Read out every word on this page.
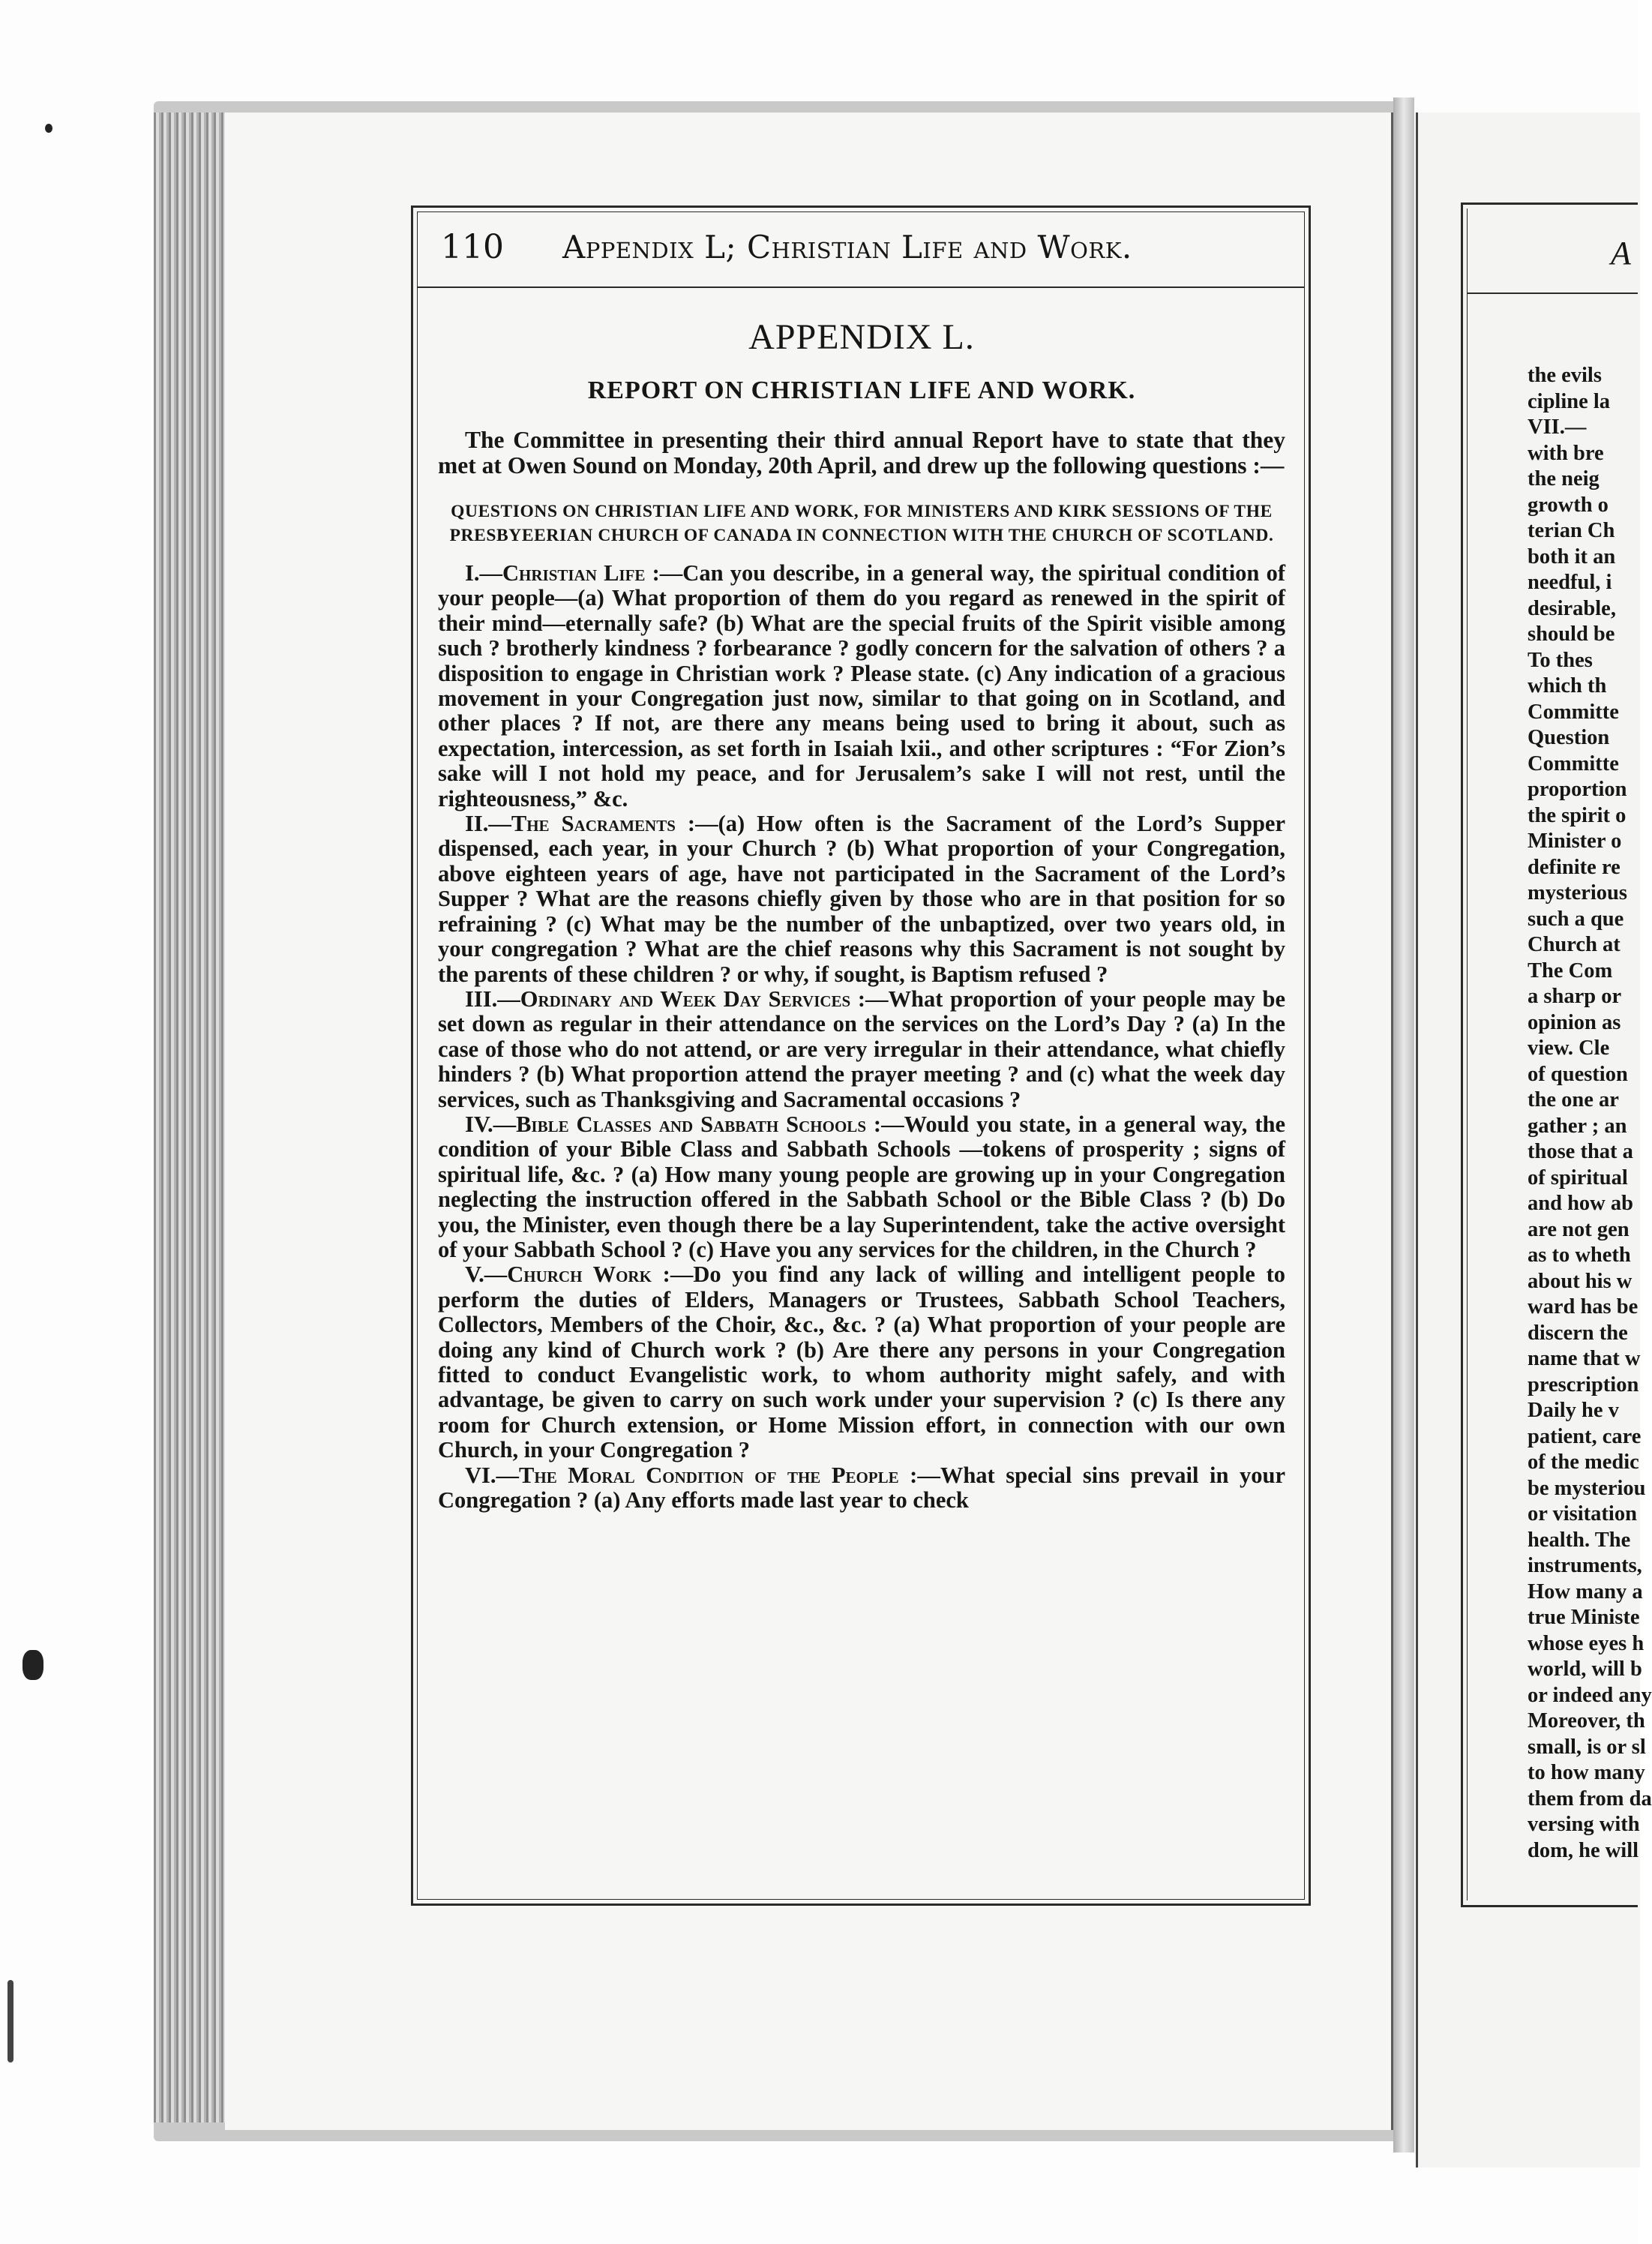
110 Appendix L; Christian Life and Work.
APPENDIX L.
REPORT ON CHRISTIAN LIFE AND WORK.

The Committee in presenting their third annual Report have to state that they met at Owen Sound on Monday, 20th April, and drew up the following questions :—

QUESTIONS ON CHRISTIAN LIFE AND WORK, FOR MINISTERS AND KIRK SESSIONS OF THE PRESBYEERIAN CHURCH OF CANADA IN CONNECTION WITH THE CHURCH OF SCOTLAND.

I.—Christian Life :—Can you describe, in a general way, the spiritual condition of your people—(a) What proportion of them do you regard as renewed in the spirit of their mind—eternally safe? (b) What are the special fruits of the Spirit visible among such ? brotherly kindness ? forbearance ? godly concern for the salvation of others ? a disposition to engage in Christian work ? Please state. (c) Any indication of a gracious movement in your Congregation just now, similar to that going on in Scotland, and other places ? If not, are there any means being used to bring it about, such as expectation, intercession, as set forth in Isaiah lxii., and other scriptures : “For Zion’s sake will I not hold my peace, and for Jerusalem’s sake I will not rest, until the righteousness,” &c.

II.—The Sacraments :—(a) How often is the Sacrament of the Lord’s Supper dispensed, each year, in your Church ? (b) What proportion of your Congregation, above eighteen years of age, have not participated in the Sacrament of the Lord’s Supper ? What are the reasons chiefly given by those who are in that position for so refraining ? (c) What may be the number of the unbaptized, over two years old, in your congregation ? What are the chief reasons why this Sacrament is not sought by the parents of these children ? or why, if sought, is Baptism refused ?

III.—Ordinary and Week Day Services :—What proportion of your people may be set down as regular in their attendance on the services on the Lord’s Day ? (a) In the case of those who do not attend, or are very irregular in their attendance, what chiefly hinders ? (b) What proportion attend the prayer meeting ? and (c) what the week day services, such as Thanksgiving and Sacramental occasions ?

IV.—Bible Classes and Sabbath Schools :—Would you state, in a general way, the condition of your Bible Class and Sabbath Schools —tokens of prosperity ; signs of spiritual life, &c. ? (a) How many young people are growing up in your Congregation neglecting the instruction offered in the Sabbath School or the Bible Class ? (b) Do you, the Minister, even though there be a lay Superintendent, take the active oversight of your Sabbath School ? (c) Have you any services for the children, in the Church ?

V.—Church Work :—Do you find any lack of willing and intelligent people to perform the duties of Elders, Managers or Trustees, Sabbath School Teachers, Collectors, Members of the Choir, &c., &c. ? (a) What proportion of your people are doing any kind of Church work ? (b) Are there any persons in your Congregation fitted to conduct Evangelistic work, to whom authority might safely, and with advantage, be given to carry on such work under your supervision ? (c) Is there any room for Church extension, or Home Mission effort, in connection with our own Church, in your Congregation ?

VI.—The Moral Condition of the People :—What special sins prevail in your Congregation ? (a) Any efforts made last year to check

A
the evils
cipline la
VII.—
with bre
the neig
growth o
terian Ch
both it an
needful, i
desirable,
should be
To thes
which th
Committe
Question
Committe
proportion
the spirit o
Minister o
definite re
mysterious
such a que
Church at
The Com
a sharp or
opinion as
view. Cle
of question
the one ar
gather ; an
those that a
of spiritual
and how ab
are not gen
as to wheth
about his w
ward has be
discern the
name that w
prescription
Daily he v
patient, care
of the medic
be mysteriou
or visitation
health. The
instruments,
How many a
true Ministe
whose eyes h
world, will b
or indeed any
Moreover, th
small, is or sl
to how many
them from da
versing with
dom, he will
